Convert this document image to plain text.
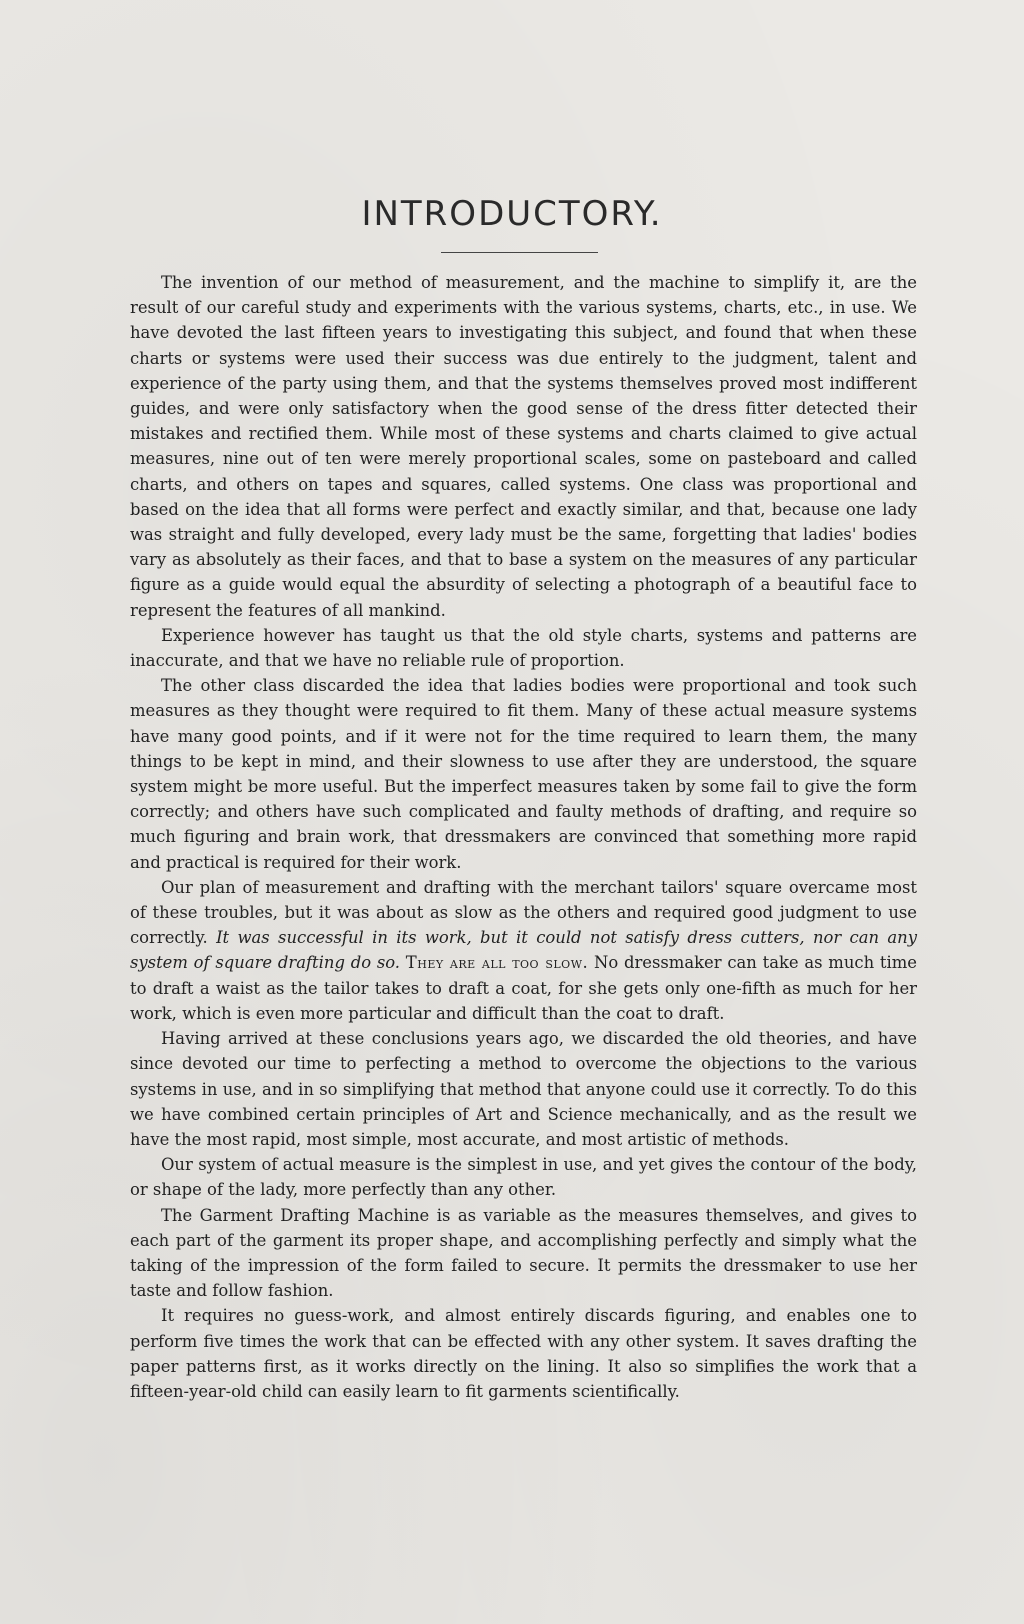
INTRODUCTORY.

The invention of our method of measurement, and the machine to simplify it, are the result of our careful study and experiments with the various systems, charts, etc., in use. We have devoted the last fifteen years to investigating this subject, and found that when these charts or systems were used their success was due entirely to the judgment, talent and experience of the party using them, and that the systems themselves proved most indifferent guides, and were only satisfactory when the good sense of the dress fitter detected their mistakes and rectified them. While most of these systems and charts claimed to give actual measures, nine out of ten were merely proportional scales, some on pasteboard and called charts, and others on tapes and squares, called systems. One class was proportional and based on the idea that all forms were perfect and exactly similar, and that, because one lady was straight and fully developed, every lady must be the same, forgetting that ladies' bodies vary as absolutely as their faces, and that to base a system on the measures of any particular figure as a guide would equal the absurdity of selecting a photograph of a beautiful face to represent the features of all mankind.

Experience however has taught us that the old style charts, systems and patterns are inaccurate, and that we have no reliable rule of proportion.

The other class discarded the idea that ladies bodies were proportional and took such measures as they thought were required to fit them. Many of these actual measure systems have many good points, and if it were not for the time required to learn them, the many things to be kept in mind, and their slowness to use after they are understood, the square system might be more useful. But the imperfect measures taken by some fail to give the form correctly; and others have such complicated and faulty methods of drafting, and require so much figuring and brain work, that dressmakers are convinced that something more rapid and practical is required for their work.

Our plan of measurement and drafting with the merchant tailors' square overcame most of these troubles, but it was about as slow as the others and required good judgment to use correctly. It was successful in its work, but it could not satisfy dress cutters, nor can any system of square drafting do so. They are all too slow. No dressmaker can take as much time to draft a waist as the tailor takes to draft a coat, for she gets only one-fifth as much for her work, which is even more particular and difficult than the coat to draft.

Having arrived at these conclusions years ago, we discarded the old theories, and have since devoted our time to perfecting a method to overcome the objections to the various systems in use, and in so simplifying that method that anyone could use it correctly. To do this we have combined certain principles of Art and Science mechanically, and as the result we have the most rapid, most simple, most accurate, and most artistic of methods.

Our system of actual measure is the simplest in use, and yet gives the contour of the body, or shape of the lady, more perfectly than any other.

The Garment Drafting Machine is as variable as the measures themselves, and gives to each part of the garment its proper shape, and accomplishing perfectly and simply what the taking of the impression of the form failed to secure. It permits the dressmaker to use her taste and follow fashion.

It requires no guess-work, and almost entirely discards figuring, and enables one to perform five times the work that can be effected with any other system. It saves drafting the paper patterns first, as it works directly on the lining. It also so simplifies the work that a fifteen-year-old child can easily learn to fit garments scientifically.
